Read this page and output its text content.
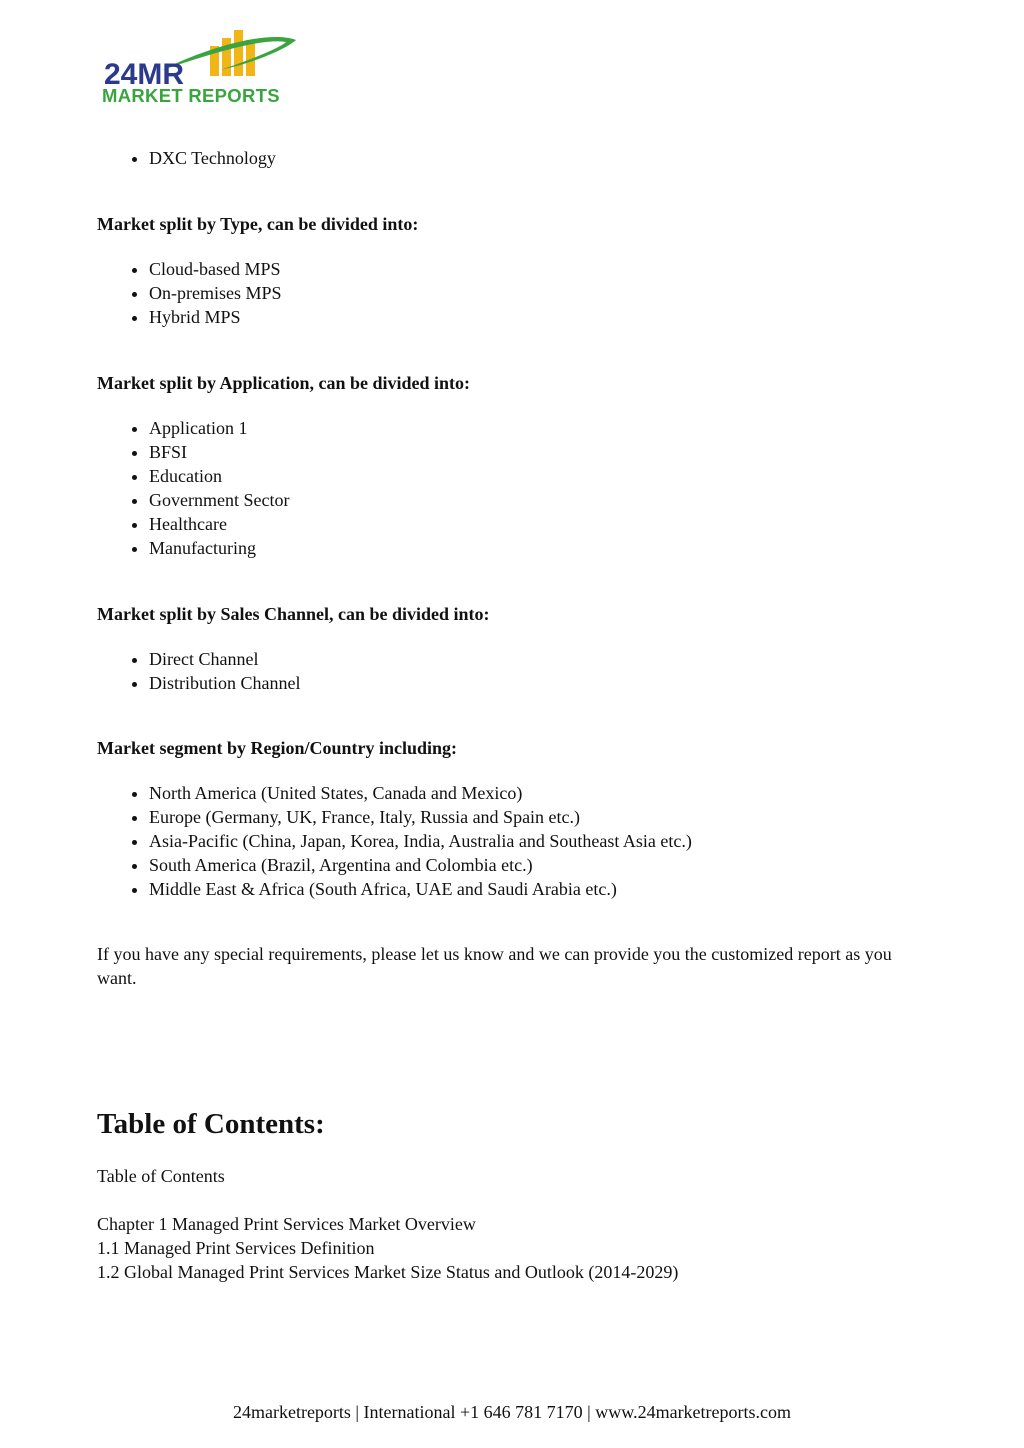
24MR
MARKET REPORTS
DXC Technology
Market split by Type, can be divided into:
Cloud-based MPS
On-premises MPS
Hybrid MPS
Market split by Application, can be divided into:
Application 1
BFSI
Education
Government Sector
Healthcare
Manufacturing
Market split by Sales Channel, can be divided into:
Direct Channel
Distribution Channel
Market segment by Region/Country including:
North America (United States, Canada and Mexico)
Europe (Germany, UK, France, Italy, Russia and Spain etc.)
Asia-Pacific (China, Japan, Korea, India, Australia and Southeast Asia etc.)
South America (Brazil, Argentina and Colombia etc.)
Middle East & Africa (South Africa, UAE and Saudi Arabia etc.)
If you have any special requirements, please let us know and we can provide you the customized report as you want.
Table of Contents:
Table of Contents
Chapter 1 Managed Print Services Market Overview
1.1 Managed Print Services Definition
1.2 Global Managed Print Services Market Size Status and Outlook (2014-2029)
24marketreports | International +1 646 781 7170 | www.24marketreports.com
